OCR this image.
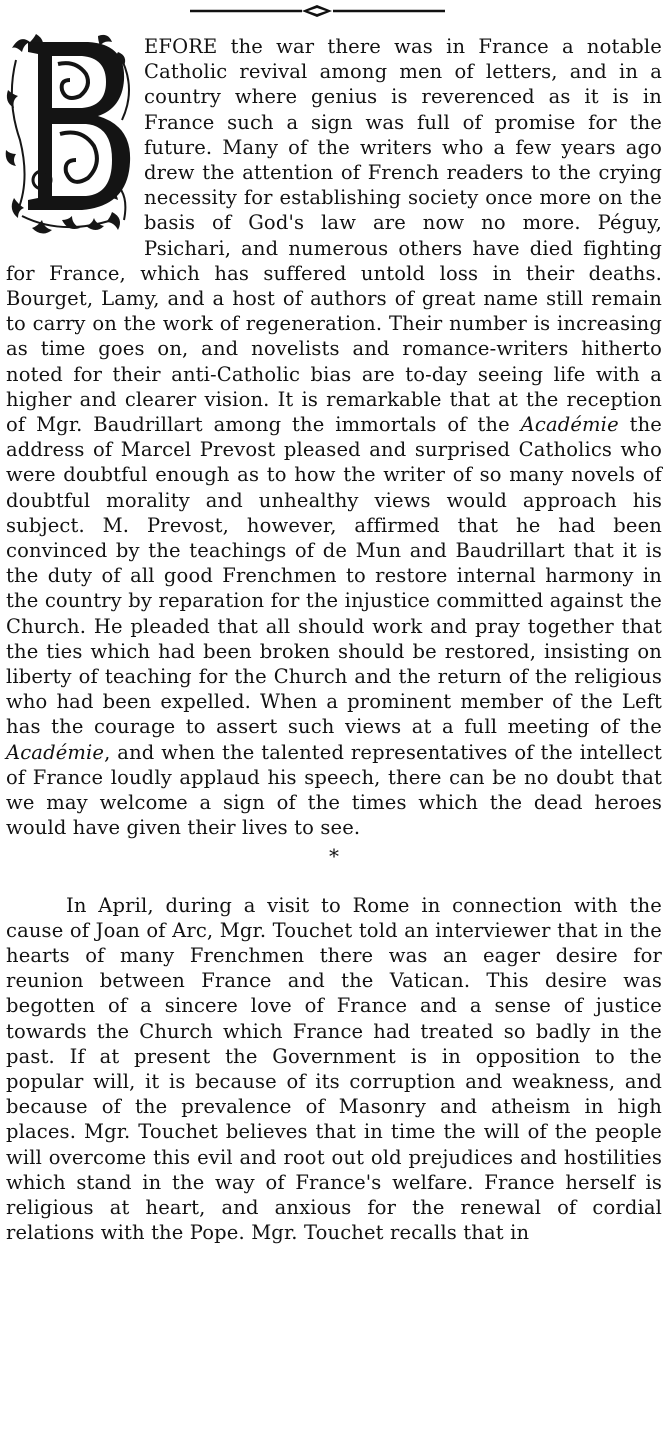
EFORE the war there was in France a notable Catholic revival among men of letters, and in a country where genius is reverenced as it is in France such a sign was full of promise for the future. Many of the writers who a few years ago drew the attention of French readers to the crying necessity for establishing society once more on the basis of God's law are now no more. Péguy, Psichari, and numerous others have died fighting for France, which has suffered untold loss in their deaths. Bourget, Lamy, and a host of authors of great name still remain to carry on the work of regeneration. Their number is increasing as time goes on, and novelists and romance-writers hitherto noted for their anti-Catholic bias are to-day seeing life with a higher and clearer vision. It is remarkable that at the reception of Mgr. Baudrillart among the immortals of the Académie the address of Marcel Prevost pleased and surprised Catholics who were doubtful enough as to how the writer of so many novels of doubtful morality and unhealthy views would approach his subject. M. Prevost, however, affirmed that he had been convinced by the teachings of de Mun and Baudrillart that it is the duty of all good Frenchmen to restore internal harmony in the country by reparation for the injustice committed against the Church. He pleaded that all should work and pray together that the ties which had been broken should be restored, insisting on liberty of teaching for the Church and the return of the religious who had been expelled. When a prominent member of the Left has the courage to assert such views at a full meeting of the Académie, and when the talented representatives of the intellect of France loudly applaud his speech, there can be no doubt that we may welcome a sign of the times which the dead heroes would have given their lives to see.

*

In April, during a visit to Rome in connection with the cause of Joan of Arc, Mgr. Touchet told an interviewer that in the hearts of many Frenchmen there was an eager desire for reunion between France and the Vatican. This desire was begotten of a sincere love of France and a sense of justice towards the Church which France had treated so badly in the past. If at present the Government is in opposition to the popular will, it is because of its corruption and weakness, and because of the prevalence of Masonry and atheism in high places. Mgr. Touchet believes that in time the will of the people will overcome this evil and root out old prejudices and hostilities which stand in the way of France's welfare. France herself is religious at heart, and anxious for the renewal of cordial relations with the Pope. Mgr. Touchet recalls that in
